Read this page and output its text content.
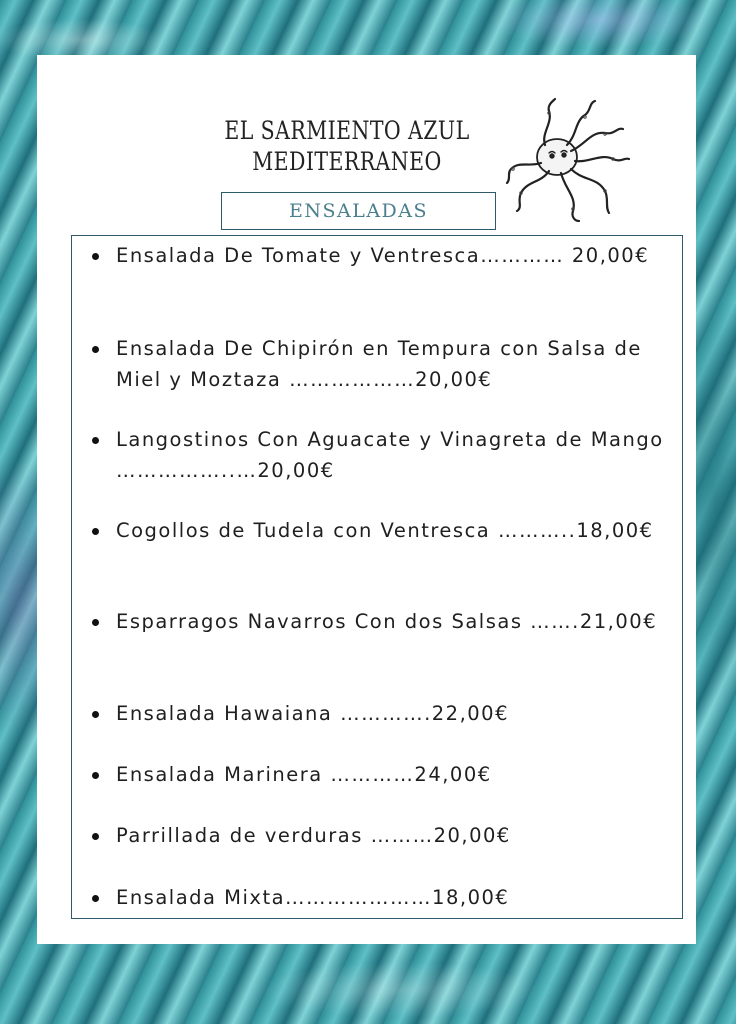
EL SARMIENTO AZUL
MEDITERRANEO
ENSALADAS
Ensalada De Tomate y Ventresca………… 20,00€
Ensalada De Chipirón en Tempura con Salsa de Miel y Moztaza ………………20,00€
Langostinos Con Aguacate y Vinagreta de Mango ……………..…20,00€
Cogollos de Tudela con Ventresca ………..18,00€
Esparragos Navarros Con dos Salsas …….21,00€
Ensalada Hawaiana ………….22,00€
Ensalada Marinera …………24,00€
Parrillada de verduras ………20,00€
Ensalada Mixta…………………18,00€
